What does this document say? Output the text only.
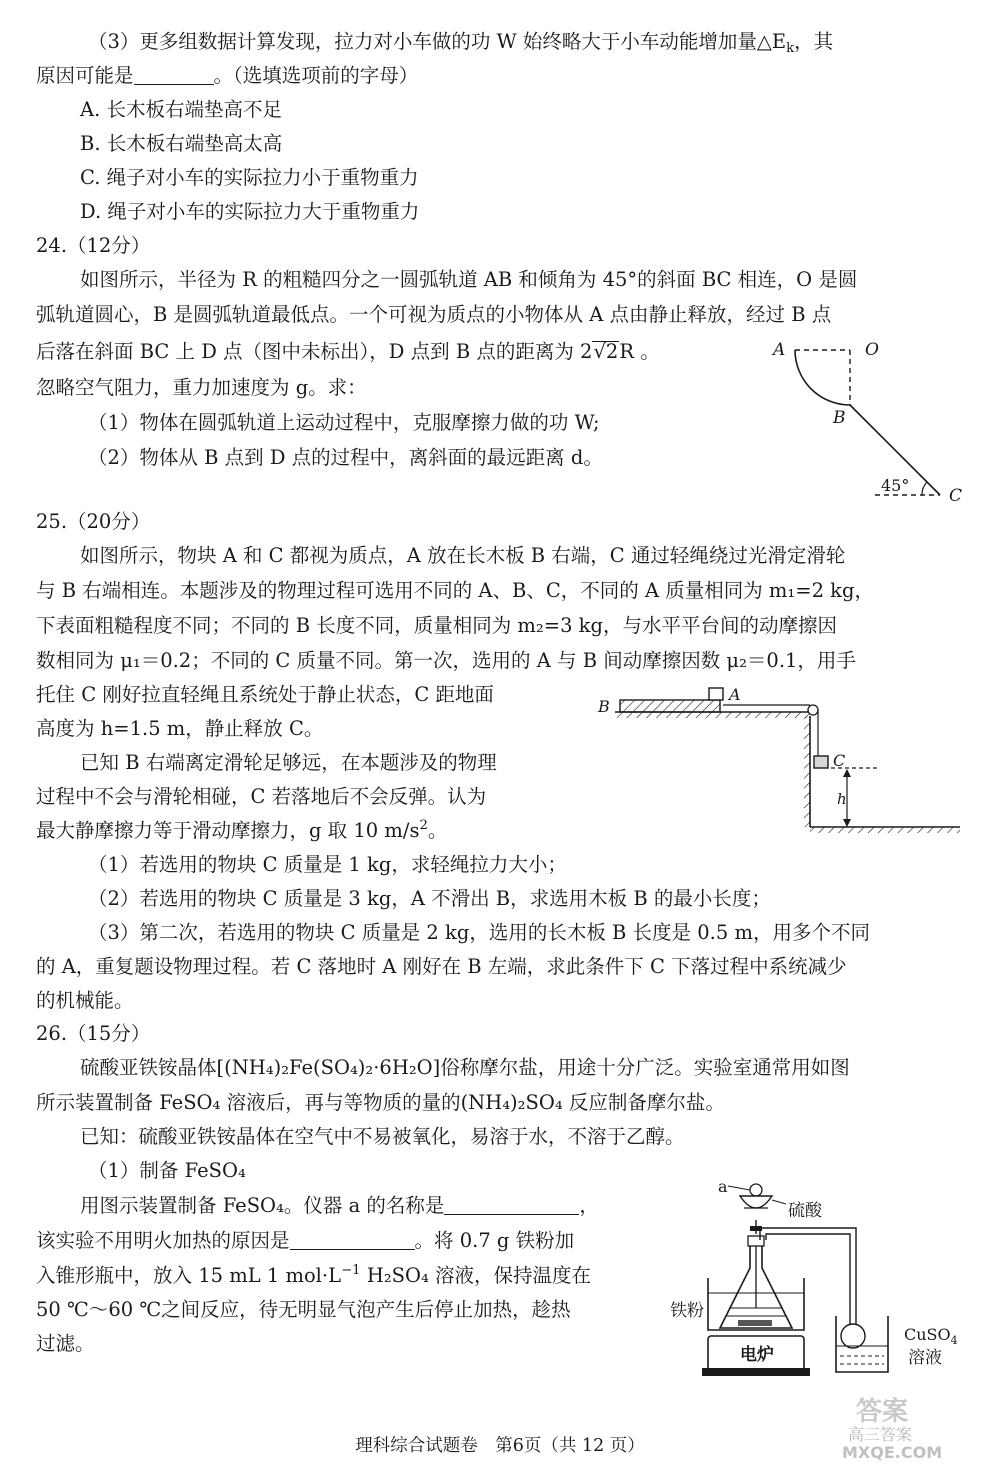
（3）更多组数据计算发现，拉力对小车做的功 W 始终略大于小车动能增加量$\triangle E_k$，其
原因可能是	。（选填选项前的字母）
A. 长木板右端垫高不足
B. 长木板右端垫高太高
C. 绳子对小车的实际拉力小于重物重力
D. 绳子对小车的实际拉力大于重物重力
24.（12分）
如图所示，半径为 R 的粗糙四分之一圆弧轨道 AB 和倾角为 45°的斜面 BC 相连，O 是圆
弧轨道圆心，B 是圆弧轨道最低点。一个可视为质点的小物体从 A 点由静止释放，经过 B 点
后落在斜面 BC 上 D 点（图中未标出），D 点到 B 点的距离为 2√2R 。
忽略空气阻力，重力加速度为 g。求：
（1）物体在圆弧轨道上运动过程中，克服摩擦力做的功 W;
（2）物体从 B 点到 D 点的过程中，离斜面的最远距离 d。
A	O
B
C
45°
25.（20分）
如图所示，物块 A 和 C 都视为质点，A 放在长木板 B 右端，C 通过轻绳绕过光滑定滑轮
与 B 右端相连。本题涉及的物理过程可选用不同的 A、B、C，不同的 A 质量相同为 m₁=2 kg，
下表面粗糙程度不同；不同的 B 长度不同，质量相同为 m₂=3 kg，与水平平台间的动摩擦因
数相同为 μ₁＝0.2；不同的 C 质量不同。第一次，选用的 A 与 B 间动摩擦因数 μ₂＝0.1，用手
托住 C 刚好拉直轻绳且系统处于静止状态，C 距地面
高度为 h=1.5 m，静止释放 C。
已知 B 右端离定滑轮足够远，在本题涉及的物理
过程中不会与滑轮相碰，C 若落地后不会反弹。认为
最大静摩擦力等于滑动摩擦力，g 取 10 $m/s^2$。
（1）若选用的物块 C 质量是 1 kg，求轻绳拉力大小；
（2）若选用的物块 C 质量是 3 kg，A 不滑出 B，求选用木板 B 的最小长度；
（3）第二次，若选用的物块 C 质量是 2 kg，选用的长木板 B 长度是 0.5 m，用多个不同
的 A，重复题设物理过程。若 C 落地时 A 刚好在 B 左端，求此条件下 C 下落过程中系统减少
的机械能。
B
A
C
h
26.（15分）
硫酸亚铁铵晶体[(NH₄)₂Fe(SO₄)₂·6H₂O]俗称摩尔盐，用途十分广泛。实验室通常用如图
所示装置制备 FeSO₄ 溶液后，再与等物质的量的(NH₄)₂SO₄ 反应制备摩尔盐。
已知：硫酸亚铁铵晶体在空气中不易被氧化，易溶于水，不溶于乙醇。
（1）制备 FeSO₄
用图示装置制备 FeSO₄。仪器 a 的名称是	，
该实验不用明火加热的原因是	。将 0.7 g 铁粉加
入锥形瓶中，放入 15 mL 1 $mol\cdot L^{-1}$ H₂SO₄ 溶液，保持温度在
50 ℃～60 ℃之间反应，待无明显气泡产生后停止加热，趁热
过滤。
a
硫酸
铁粉
电炉
CuSO$_4$
溶液
理科综合试题卷　第6页（共 12 页）
答案
高三答案
MXQE.COM
